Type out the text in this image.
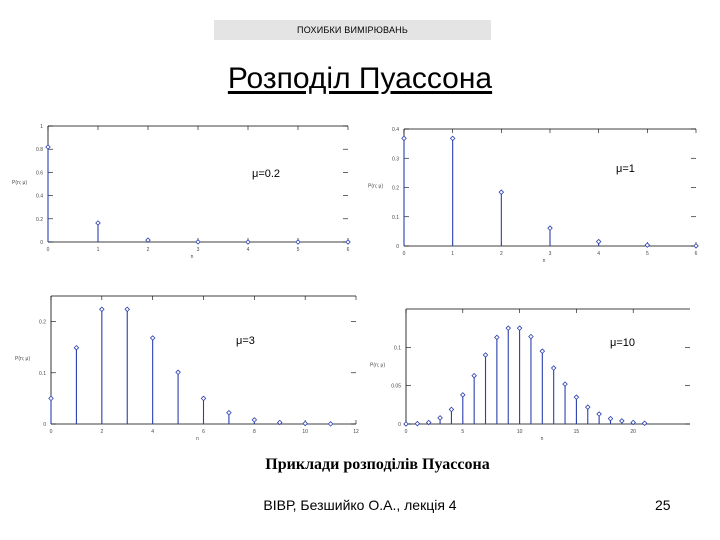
ПОХИБКИ ВИМІРЮВАНЬ
Розподіл Пуассона
0
0.2
0.4
0.6
0.8
1
0	1	2	3	4	5	6
n
P(n; μ)
μ=0.2
0
0.1
0.2
0.3
0.4
0	1	2	3	4	5	6
n
P(n; μ)
μ=1
0
0.1
0.2
0	2	4	6	8	10	12
n
P(n; μ)
μ=3
0
0.05
0.1
0	5	10	15	20
n
P(n; μ)
μ=10
Приклади розподілів Пуассона
ВІВР, Безшийко О.А., лекція 4	25
